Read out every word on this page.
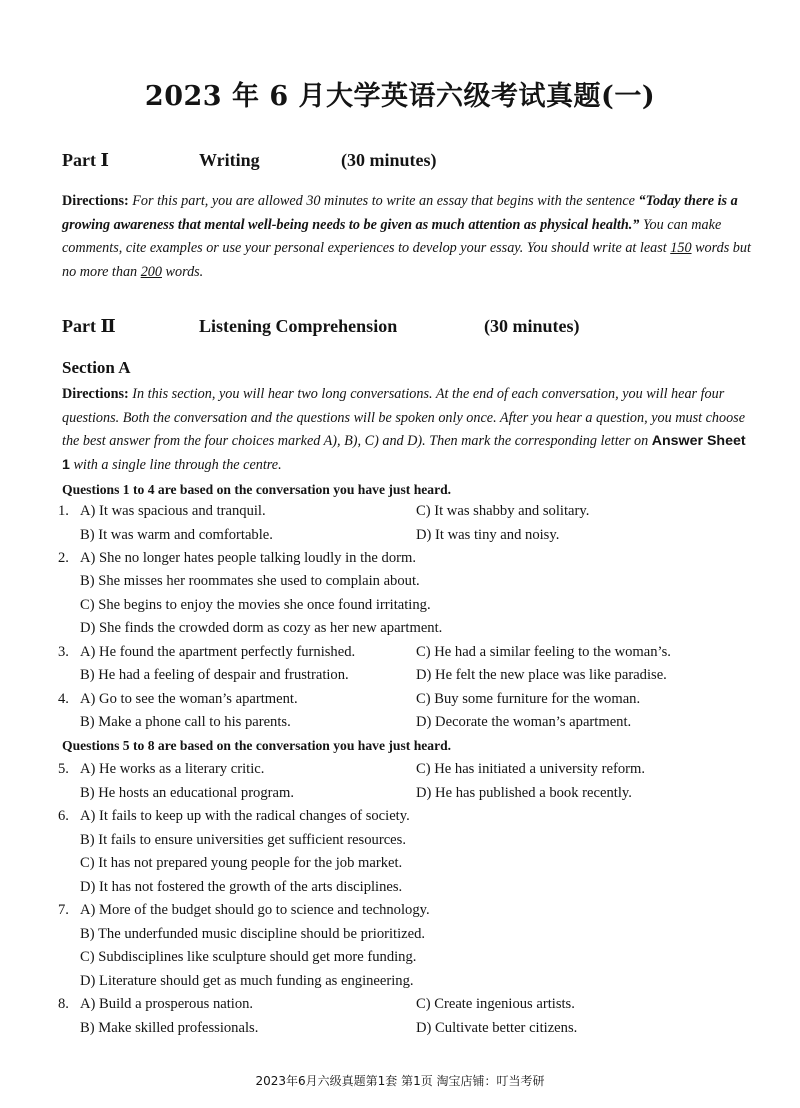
2023 年 6 月大学英语六级考试真题(一)
Part Ⅰ	Writing	(30 minutes)
Directions: For this part, you are allowed 30 minutes to write an essay that begins with the sentence “Today there is a growing awareness that mental well-being needs to be given as much attention as physical health.” You can make comments, cite examples or use your personal experiences to develop your essay. You should write at least 150 words but no more than 200 words.
Part Ⅱ	Listening Comprehension	(30 minutes)
Section A
Directions: In this section, you will hear two long conversations. At the end of each conversation, you will hear four questions. Both the conversation and the questions will be spoken only once. After you hear a question, you must choose the best answer from the four choices marked A), B), C) and D). Then mark the corresponding letter on Answer Sheet 1 with a single line through the centre.
Questions 1 to 4 are based on the conversation you have just heard.
1. A) It was spacious and tranquil.	C) It was shabby and solitary.
B) It was warm and comfortable.	D) It was tiny and noisy.
2. A) She no longer hates people talking loudly in the dorm.
B) She misses her roommates she used to complain about.
C) She begins to enjoy the movies she once found irritating.
D) She finds the crowded dorm as cozy as her new apartment.
3. A) He found the apartment perfectly furnished.	C) He had a similar feeling to the woman’s.
B) He had a feeling of despair and frustration.	D) He felt the new place was like paradise.
4. A) Go to see the woman’s apartment.	C) Buy some furniture for the woman.
B) Make a phone call to his parents.	D) Decorate the woman’s apartment.
Questions 5 to 8 are based on the conversation you have just heard.
5. A) He works as a literary critic.	C) He has initiated a university reform.
B) He hosts an educational program.	D) He has published a book recently.
6. A) It fails to keep up with the radical changes of society.
B) It fails to ensure universities get sufficient resources.
C) It has not prepared young people for the job market.
D) It has not fostered the growth of the arts disciplines.
7. A) More of the budget should go to science and technology.
B) The underfunded music discipline should be prioritized.
C) Subdisciplines like sculpture should get more funding.
D) Literature should get as much funding as engineering.
8. A) Build a prosperous nation.	C) Create ingenious artists.
B) Make skilled professionals.	D) Cultivate better citizens.
2023年6月六级真题第1套 第1页 淘宝店铺：叮当考研
